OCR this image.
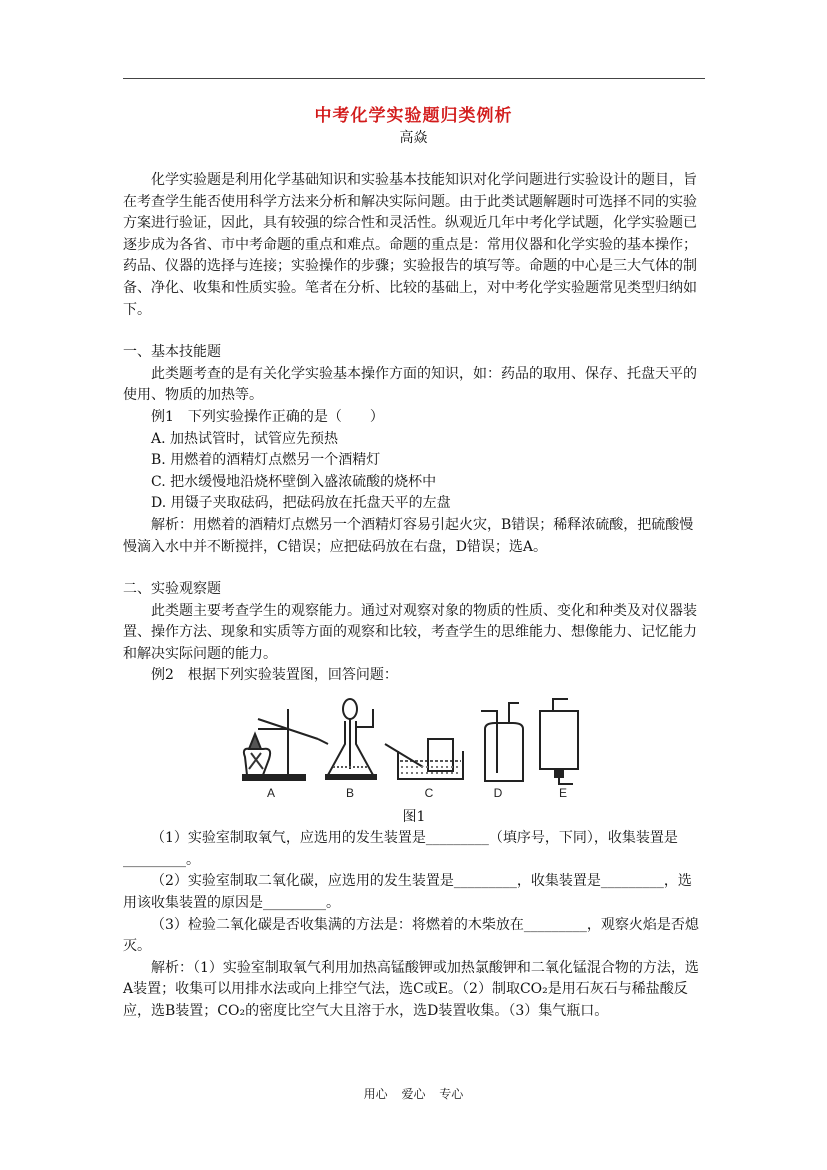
中考化学实验题归类例析
高焱

化学实验题是利用化学基础知识和实验基本技能知识对化学问题进行实验设计的题目，旨在考查学生能否使用科学方法来分析和解决实际问题。由于此类试题解题时可选择不同的实验方案进行验证，因此，具有较强的综合性和灵活性。纵观近几年中考化学试题，化学实验题已逐步成为各省、市中考命题的重点和难点。命题的重点是：常用仪器和化学实验的基本操作；药品、仪器的选择与连接；实验操作的步骤；实验报告的填写等。命题的中心是三大气体的制备、净化、收集和性质实验。笔者在分析、比较的基础上，对中考化学实验题常见类型归纳如下。

一、基本技能题

此类题考查的是有关化学实验基本操作方面的知识，如：药品的取用、保存、托盘天平的使用、物质的加热等。

例1　下列实验操作正确的是（　　）

A. 加热试管时，试管应先预热

B. 用燃着的酒精灯点燃另一个酒精灯

C. 把水缓慢地沿烧杯壁倒入盛浓硫酸的烧杯中

D. 用镊子夹取砝码，把砝码放在托盘天平的左盘

解析：用燃着的酒精灯点燃另一个酒精灯容易引起火灾，B错误；稀释浓硫酸，把硫酸慢慢滴入水中并不断搅拌，C错误；应把砝码放在右盘，D错误；选A。

二、实验观察题

此类题主要考查学生的观察能力。通过对观察对象的物质的性质、变化和种类及对仪器装置、操作方法、现象和实质等方面的观察和比较，考查学生的思维能力、想像能力、记忆能力和解决实际问题的能力。

例2　根据下列实验装置图，回答问题：

A	B	C	D	E

图1

（1）实验室制取氧气，应选用的发生装置是_________（填序号，下同），收集装置是_________。

（2）实验室制取二氧化碳，应选用的发生装置是_________，收集装置是_________，选用该收集装置的原因是_________。

（3）检验二氧化碳是否收集满的方法是：将燃着的木柴放在_________，观察火焰是否熄灭。

解析：（1）实验室制取氧气利用加热高锰酸钾或加热氯酸钾和二氧化锰混合物的方法，选A装置；收集可以用排水法或向上排空气法，选C或E。（2）制取CO₂是用石灰石与稀盐酸反应，选B装置；CO₂的密度比空气大且溶于水，选D装置收集。（3）集气瓶口。

用心 爱心 专心
